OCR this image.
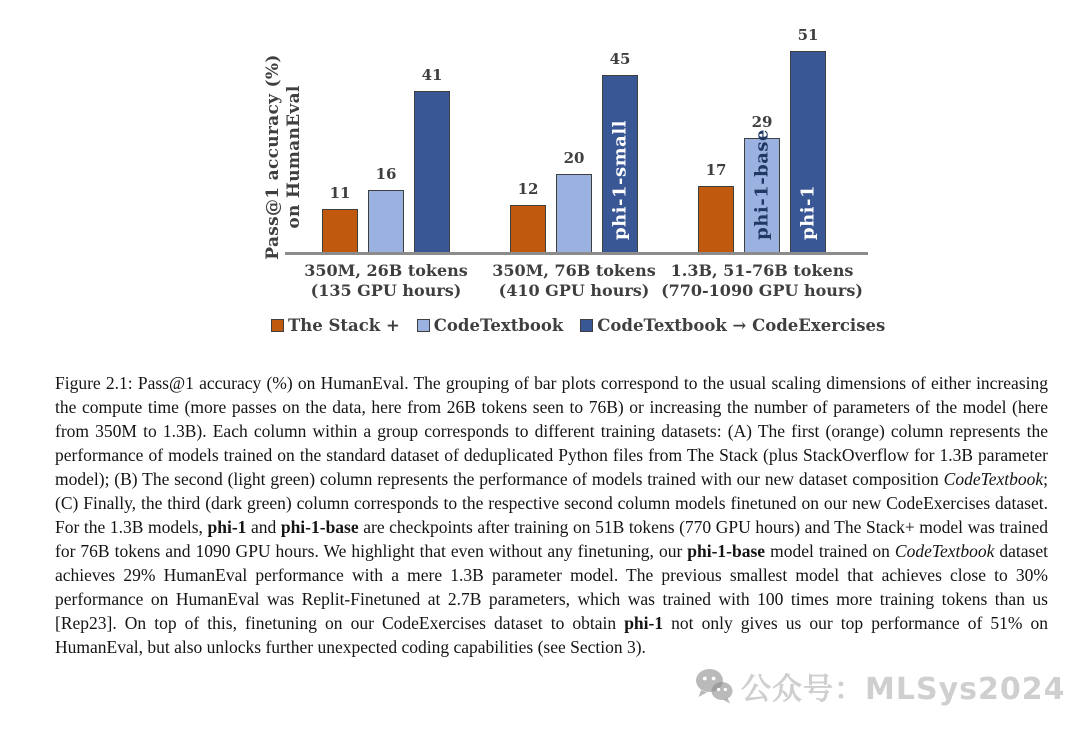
Pass@1 accuracy (%) on HumanEval	11	12
17
16
20	phi-1-base
29
41
phi-1-small
45
phi-1
51
350M, 26B tokens
(135 GPU hours)
350M, 76B tokens
(410 GPU hours)
1.3B, 51-76B tokens
(770-1090 GPU hours)
The Stack + CodeTextbook CodeTextbook → CodeExercises

Figure 2.1: Pass@1 accuracy (%) on HumanEval. The grouping of bar plots correspond to the usual scaling dimensions of either increasing the compute time (more passes on the data, here from 26B tokens seen to 76B) or increasing the number of parameters of the model (here from 350M to 1.3B). Each column within a group corresponds to different training datasets: (A) The first (orange) column represents the performance of models trained on the standard dataset of deduplicated Python files from The Stack (plus StackOverflow for 1.3B parameter model); (B) The second (light green) column represents the performance of models trained with our new dataset composition CodeTextbook; (C) Finally, the third (dark green) column corresponds to the respective second column models finetuned on our new CodeExercises dataset. For the 1.3B models, phi-1 and phi-1-base are checkpoints after training on 51B tokens (770 GPU hours) and The Stack+ model was trained for 76B tokens and 1090 GPU hours. We highlight that even without any finetuning, our phi-1-base model trained on CodeTextbook dataset achieves 29% HumanEval performance with a mere 1.3B parameter model. The previous smallest model that achieves close to 30% performance on HumanEval was Replit-Finetuned at 2.7B parameters, which was trained with 100 times more training tokens than us [Rep23]. On top of this, finetuning on our CodeExercises dataset to obtain phi-1 not only gives us our top performance of 51% on HumanEval, but also unlocks further unexpected coding capabilities (see Section 3).

公众号：MLSys2024
